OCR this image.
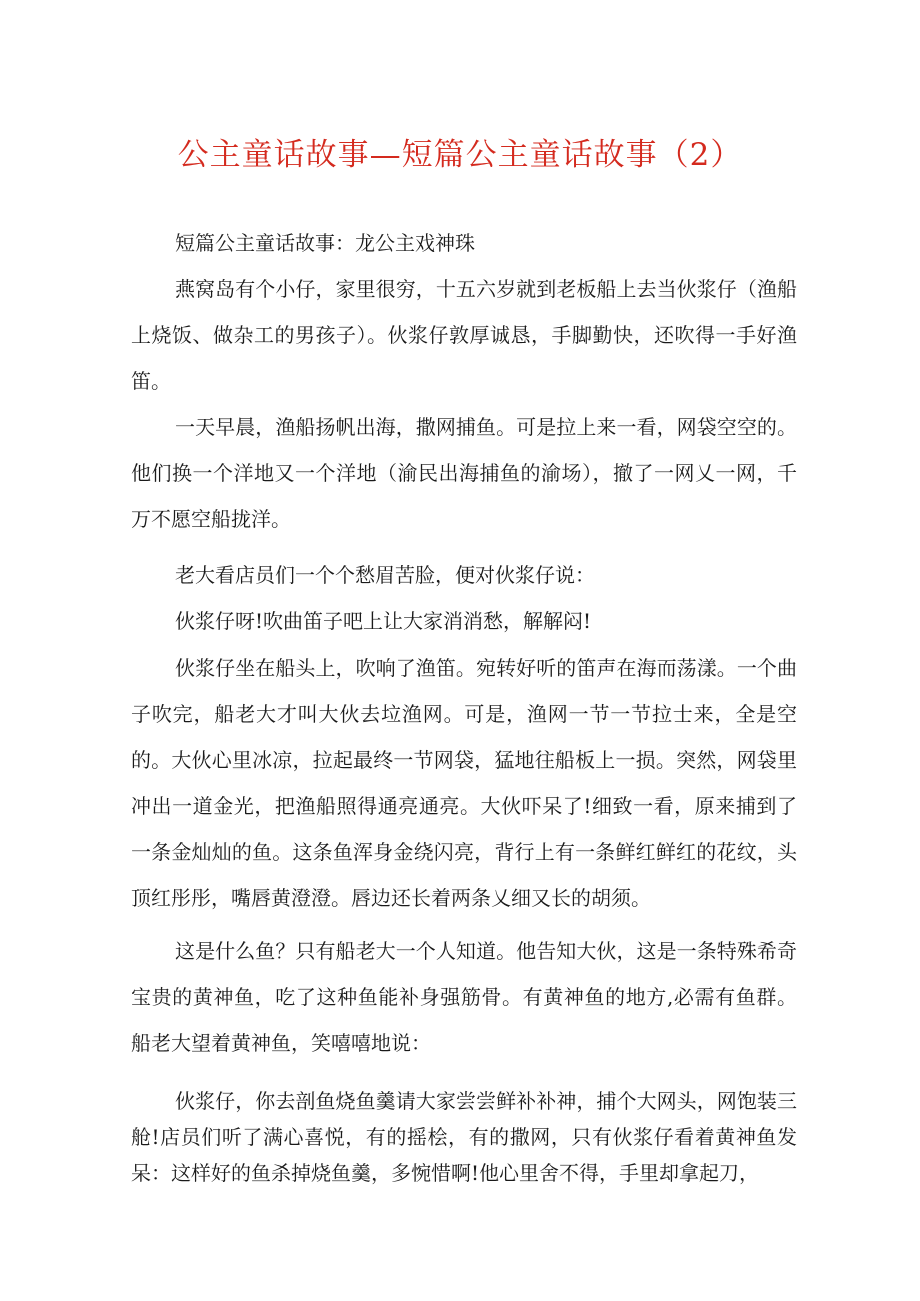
公主童话故事—短篇公主童话故事（2）

短篇公主童话故事：龙公主戏神珠

燕窝岛有个小仔，家里很穷，十五六岁就到老板船上去当伙浆仔（渔船上烧饭、做杂工的男孩子）。伙浆仔敦厚诚恳，手脚勤快，还吹得一手好渔笛。

一天早晨，渔船扬帆出海，撒网捕鱼。可是拉上来一看，网袋空空的。他们换一个洋地又一个洋地（渝民出海捕鱼的渝场），撤了一网乂一网，千万不愿空船拢洋。

老大看店员们一个个愁眉苦脸，便对伙浆仔说：

伙浆仔呀!吹曲笛子吧上让大家消消愁，解解闷!

伙浆仔坐在船头上，吹响了渔笛。宛转好听的笛声在海而荡漾。一个曲子吹完，船老大才叫大伙去垃渔网。可是，渔网一节一节拉士来，全是空的。大伙心里冰凉，拉起最终一节网袋，猛地往船板上一损。突然，网袋里冲出一道金光，把渔船照得通亮通亮。大伙吓呆了!细致一看，原来捕到了一条金灿灿的鱼。这条鱼浑身金绕闪亮，背行上有一条鲜红鲜红的花纹，头顶红彤彤，嘴唇黄澄澄。唇边还长着两条乂细又长的胡须。

这是什么鱼？只有船老大一个人知道。他告知大伙，这是一条特殊希奇宝贵的黄神鱼，吃了这种鱼能补身强筋骨。有黄神鱼的地方,必需有鱼群。船老大望着黄神鱼，笑嘻嘻地说：

伙浆仔，你去剖鱼烧鱼羹请大家尝尝鲜补补神，捕个大网头，网饱装三舱!店员们听了满心喜悦，有的摇桧，有的撒网，只有伙浆仔看着黄神鱼发呆：这样好的鱼杀掉烧鱼羹，多惋惜啊!他心里舍不得，手里却拿起刀，
